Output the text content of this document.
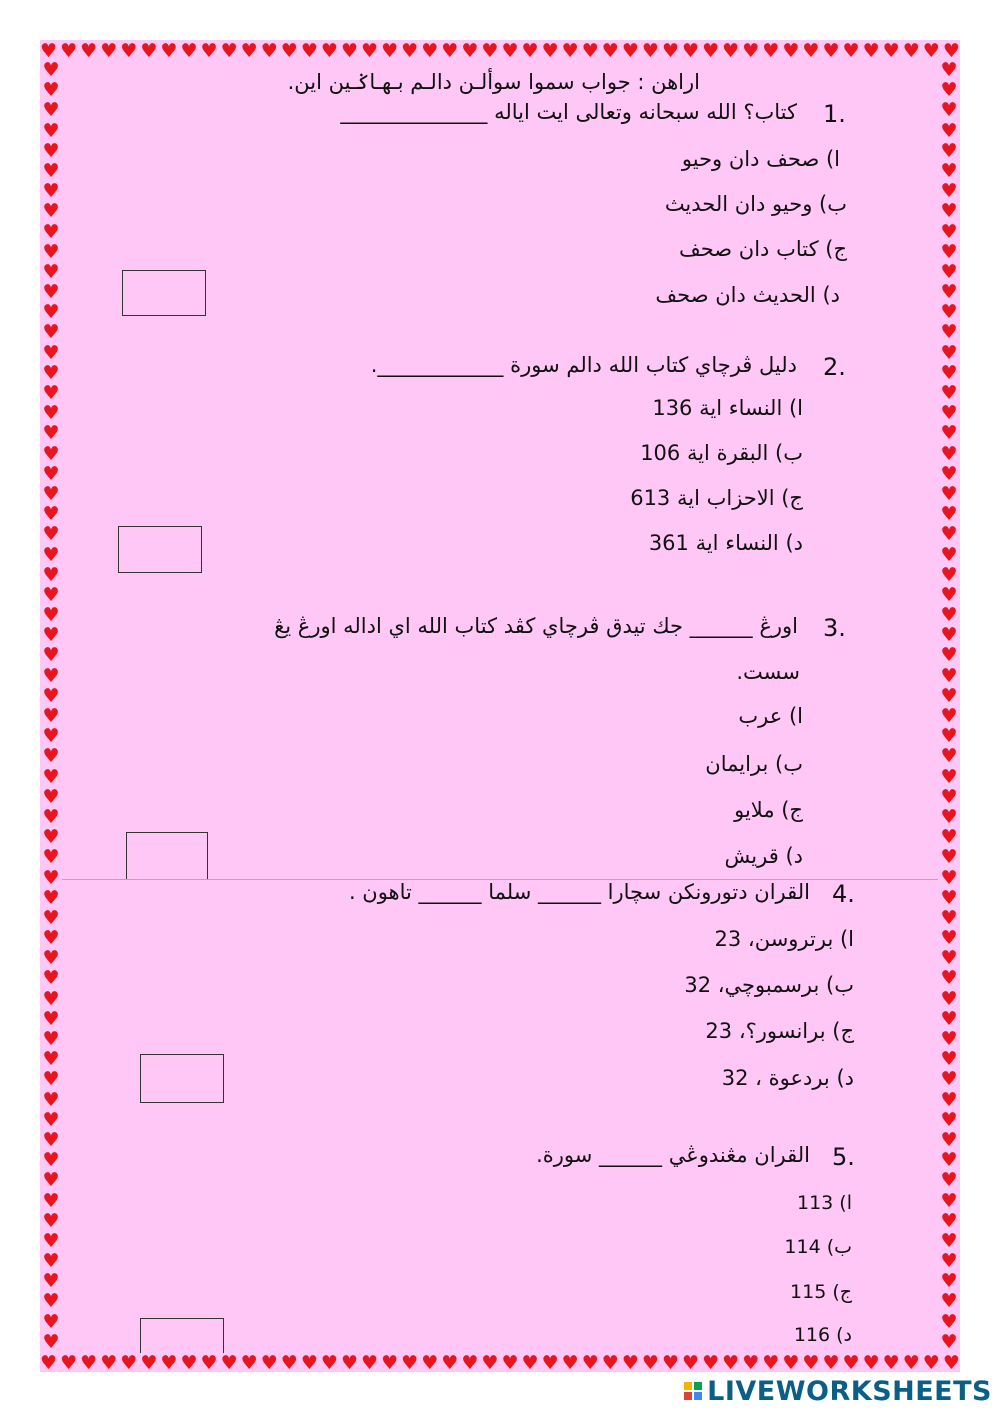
♥ ♥ ♥ ♥ ♥ ♥ ♥ ♥ ♥ ♥ ♥ ♥ ♥ ♥ ♥ ♥ ♥ ♥ ♥ ♥ ♥ ♥ ♥ ♥ ♥ ♥ ♥ ♥ ♥ ♥ ♥ ♥ ♥ ♥ ♥ ♥ ♥ ♥ ♥ ♥ ♥ ♥ ♥ ♥ ♥ ♥
♥ ♥ ♥ ♥ ♥ ♥ ♥ ♥ ♥ ♥ ♥ ♥ ♥ ♥ ♥ ♥ ♥ ♥ ♥ ♥ ♥ ♥ ♥ ♥ ♥ ♥ ♥ ♥ ♥ ♥ ♥ ♥ ♥ ♥ ♥ ♥ ♥ ♥ ♥ ♥ ♥ ♥ ♥ ♥ ♥ ♥
♥
♥
♥
♥
♥
♥
♥
♥
♥
♥
♥
♥
♥
♥
♥
♥
♥
♥
♥
♥
♥
♥
♥
♥
♥
♥
♥
♥
♥
♥
♥
♥
♥
♥
♥
♥
♥
♥
♥
♥
♥
♥
♥
♥
♥
♥
♥
♥
♥
♥
♥
♥
♥
♥
♥
♥
♥
♥
♥
♥
♥
♥
♥
♥
♥
♥
♥
♥
♥
♥
♥
♥
♥
♥
♥
♥
♥
♥
♥
♥
♥
♥
♥
♥
♥
♥
♥
♥
♥
♥
♥
♥
♥
♥
♥
♥
♥
♥
♥
♥
♥
♥
♥
♥
♥
♥
♥
♥
♥
♥
♥
♥
♥
♥
♥
♥
♥
♥
♥
♥
♥
♥
♥
♥
♥
♥
♥
♥
اراهن : جواب سموا سوألـن دالـم بـهـاݢـين اين.
1.
كتاب؟ الله سبحانه وتعالى ايت اياله ______________
ا) صحف دان وحيو
ب) وحيو دان الحديث
ج) كتاب دان صحف
د) الحديث دان صحف
2.
دليل ڤرچاي كتاب الله دالم سورة ____________.
ا) النساء اية 136
ب) البقرة اية 106
ج) الاحزاب اية 613
د) النساء اية 361
3.
اورڠ ______ جك تيدق ڤرچاي كڤد كتاب الله اي اداله اورڠ يڠ
سست.
ا) عرب
ب) برايمان
ج) ملايو
د) قريش
4.
القران دتورونكن سچارا ______ سلما ______ تاهون .
ا) برتروسن، 23
ب) برسمبوچي، 32
ج) برانسور؟، 23
د) بردعوة ، 32
5.
القران مڠندوڠي ______ سورة.
ا) 113
ب) 114
ج) 115
د) 116
LIVEWORKSHEETS
